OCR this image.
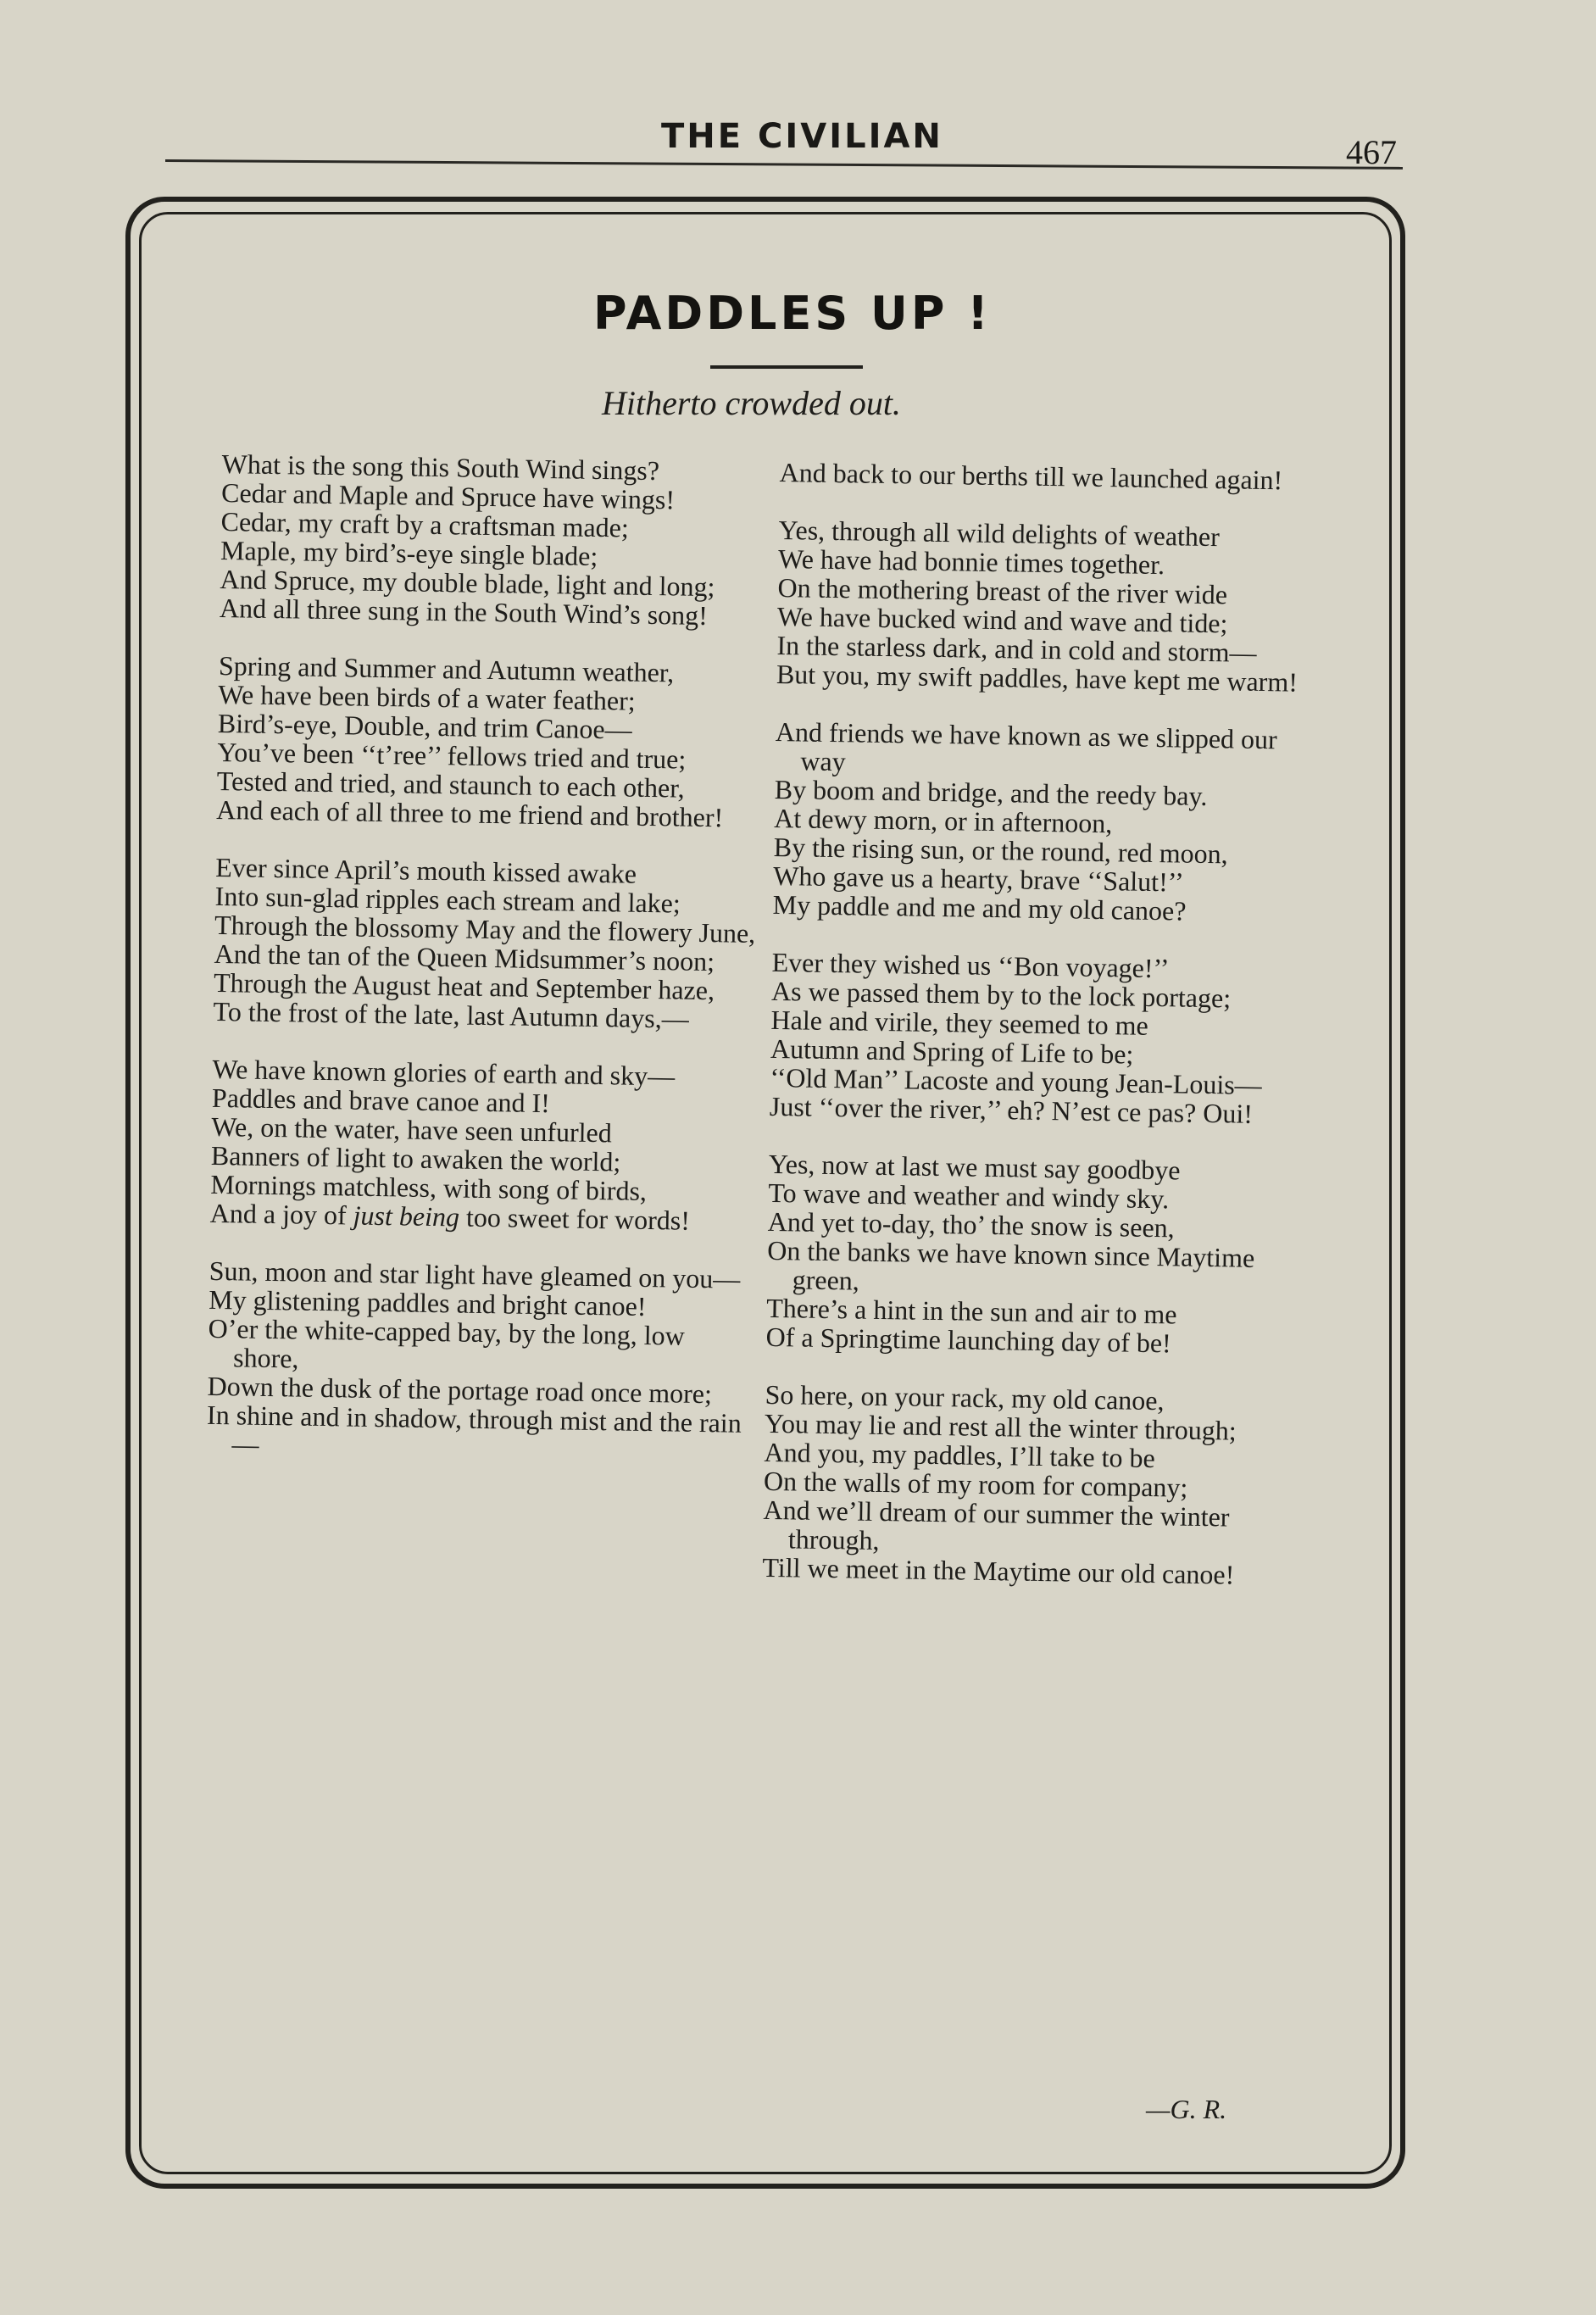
THE CIVILIAN	467
PADDLES UP !
Hitherto crowded out.
What is the song this South Wind sings?
Cedar and Maple and Spruce have wings!
Cedar, my craft by a craftsman made;
Maple, my bird’s-eye single blade;
And Spruce, my double blade, light and long;
And all three sung in the South Wind’s song!
Spring and Summer and Autumn weather,
We have been birds of a water feather;
Bird’s-eye, Double, and trim Canoe—
You’ve been ‘‘t’ree’’ fellows tried and true;
Tested and tried, and staunch to each other,
And each of all three to me friend and brother!
Ever since April’s mouth kissed awake
Into sun-glad ripples each stream and lake;
Through the blossomy May and the flowery June,
And the tan of the Queen Midsummer’s noon;
Through the August heat and September haze,
To the frost of the late, last Autumn days,—
We have known glories of earth and sky—
Paddles and brave canoe and I!
We, on the water, have seen unfurled
Banners of light to awaken the world;
Mornings matchless, with song of birds,
And a joy of just being too sweet for words!
Sun, moon and star light have gleamed on you—
My glistening paddles and bright canoe!
O’er the white-capped bay, by the long, low shore,
Down the dusk of the portage road once more;
In shine and in shadow, through mist and the rain—
And back to our berths till we launched again!
Yes, through all wild delights of weather
We have had bonnie times together.
On the mothering breast of the river wide
We have bucked wind and wave and tide;
In the starless dark, and in cold and storm—
But you, my swift paddles, have kept me warm!
And friends we have known as we slipped our way
By boom and bridge, and the reedy bay.
At dewy morn, or in afternoon,
By the rising sun, or the round, red moon,
Who gave us a hearty, brave ‘‘Salut!’’
My paddle and me and my old canoe?
Ever they wished us ‘‘Bon voyage!’’
As we passed them by to the lock portage;
Hale and virile, they seemed to me
Autumn and Spring of Life to be;
‘‘Old Man’’ Lacoste and young Jean-Louis—
Just ‘‘over the river,’’ eh? N’est ce pas? Oui!
Yes, now at last we must say goodbye
To wave and weather and windy sky.
And yet to-day, tho’ the snow is seen,
On the banks we have known since Maytime green,
There’s a hint in the sun and air to me
Of a Springtime launching day of be!
So here, on your rack, my old canoe,
You may lie and rest all the winter through;
And you, my paddles, I’ll take to be
On the walls of my room for company;
And we’ll dream of our summer the winter through,
Till we meet in the Maytime our old canoe!
—G. R.
